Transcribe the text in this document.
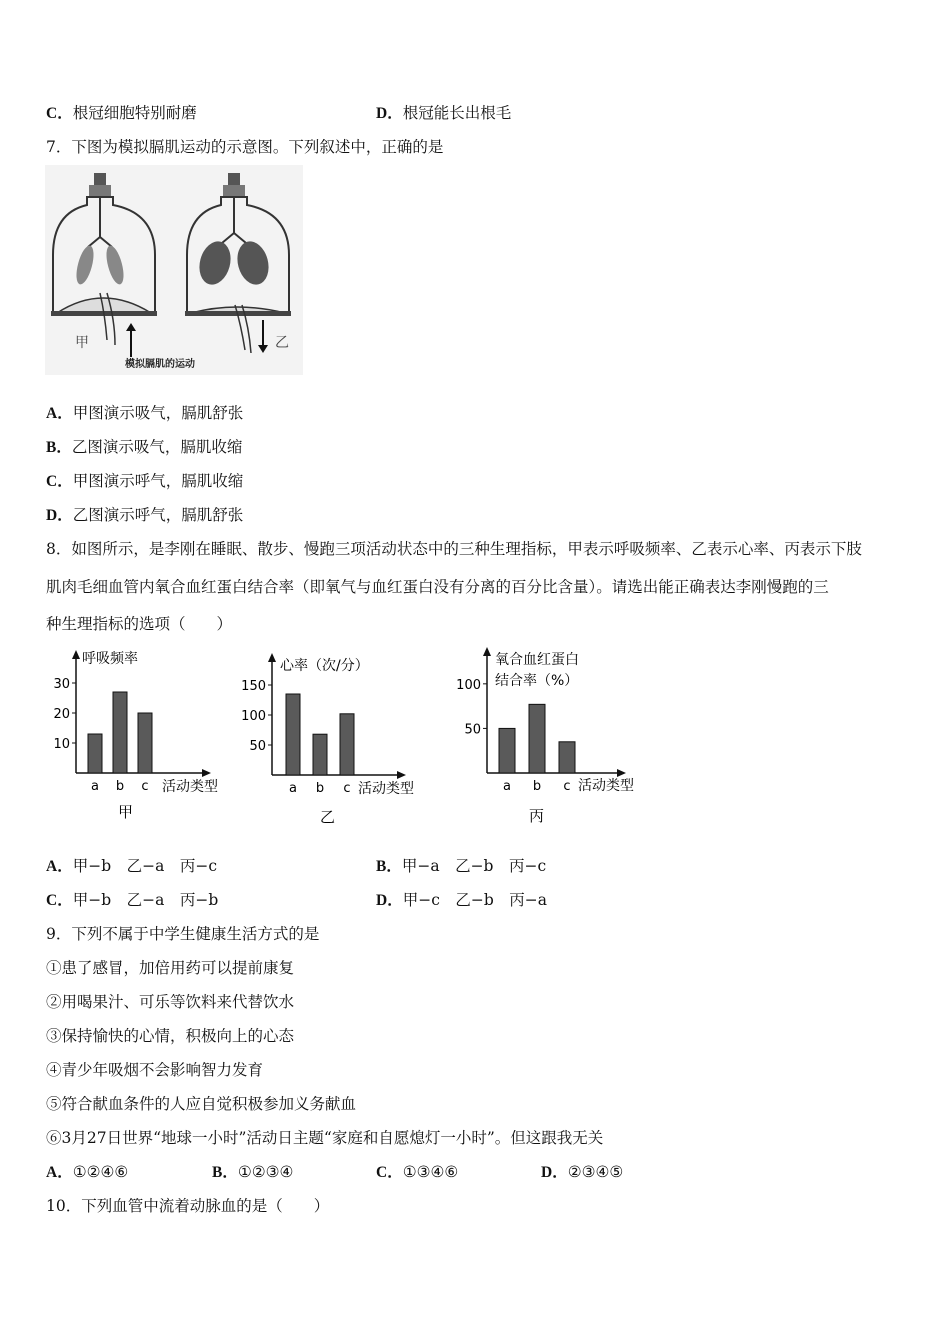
C．根冠细胞特别耐磨	D．根冠能长出根毛
7．下图为模拟膈肌运动的示意图。下列叙述中，正确的是
甲	乙
模拟膈肌的运动
A．甲图演示吸气，膈肌舒张
B．乙图演示吸气，膈肌收缩
C．甲图演示呼气，膈肌收缩
D．乙图演示呼气，膈肌舒张
8．如图所示，是李刚在睡眠、散步、慢跑三项活动状态中的三种生理指标，甲表示呼吸频率、乙表示心率、丙表示下肢
肌肉毛细血管内氧合血红蛋白结合率（即氧气与血红蛋白没有分离的百分比含量）。请选出能正确表达李刚慢跑的三
种生理指标的选项（　　）
呼吸频率
活动类型
甲
10
20
30
a b c
心率（次/分）
活动类型
乙
50
100
150
a b c
氧合血红蛋白
结合率（%）
活动类型
丙
50
100
a b c
A．甲−b　乙−a　丙−c	B．甲−a　乙−b　丙−c
C．甲−b　乙−a　丙−b	D．甲−c　乙−b　丙−a
9．下列不属于中学生健康生活方式的是
①患了感冒，加倍用药可以提前康复
②用喝果汁、可乐等饮料来代替饮水
③保持愉快的心情，积极向上的心态
④青少年吸烟不会影响智力发育
⑤符合献血条件的人应自觉积极参加义务献血
⑥3月27日世界“地球一小时”活动日主题“家庭和自愿熄灯一小时”。但这跟我无关
A．①②④⑥	B．①②③④	C．①③④⑥	D．②③④⑤
10．下列血管中流着动脉血的是（　　）
